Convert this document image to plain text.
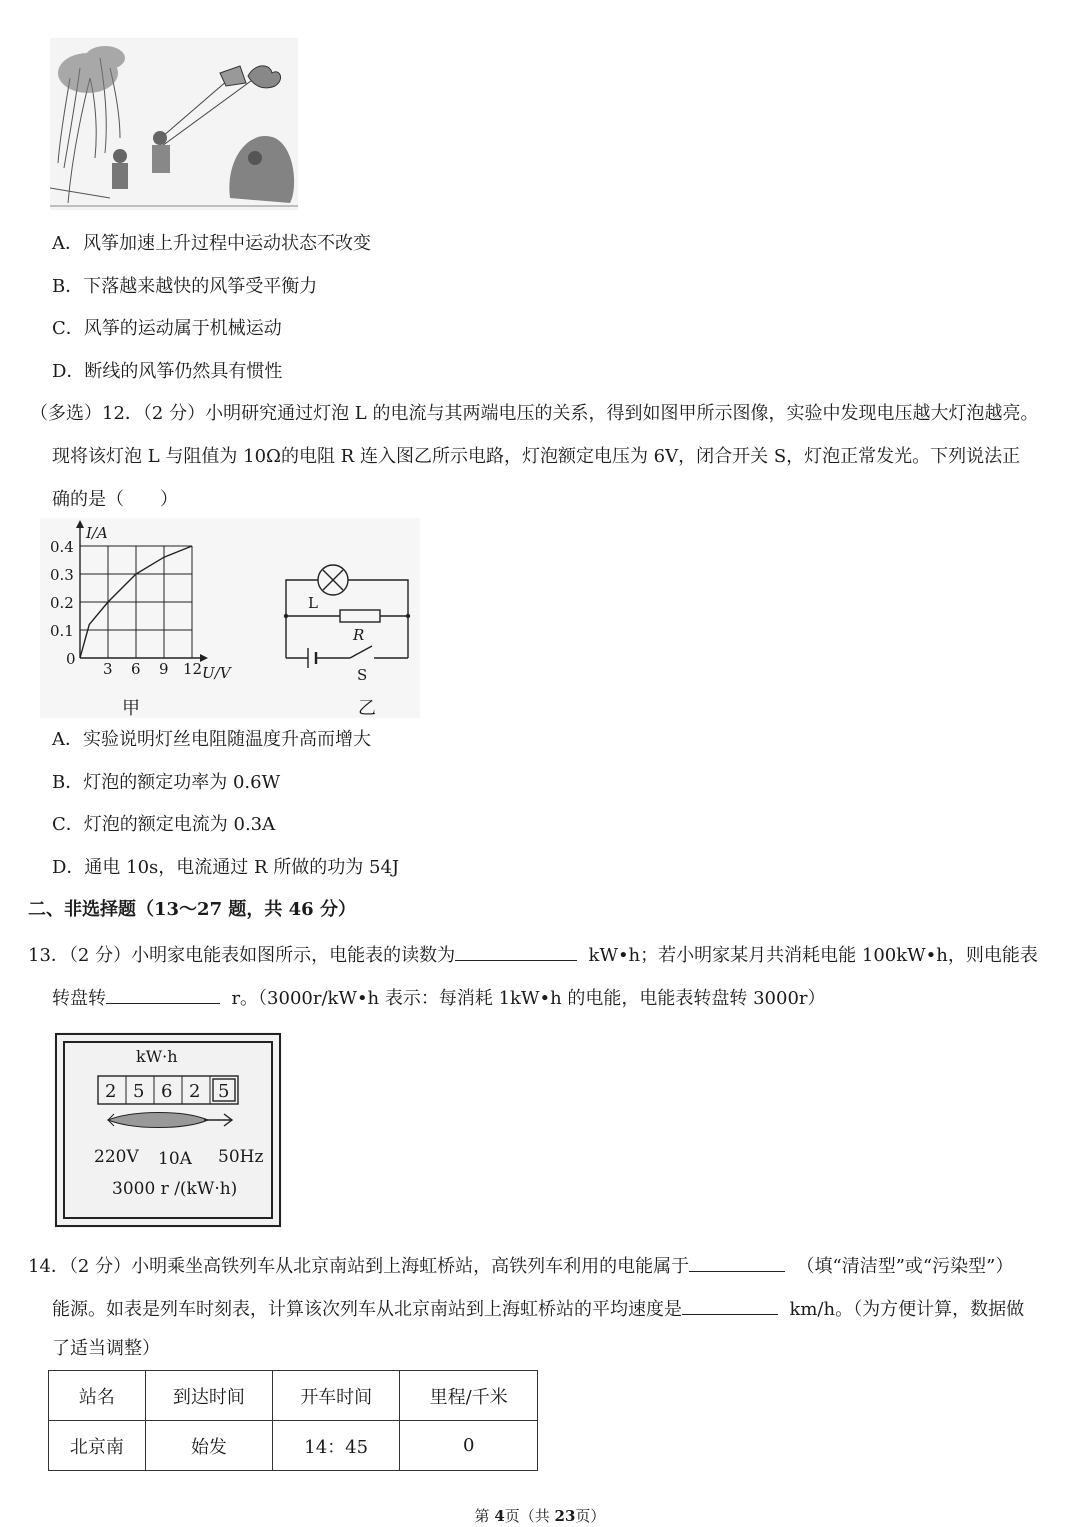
A．风筝加速上升过程中运动状态不改变
B．下落越来越快的风筝受平衡力
C．风筝的运动属于机械运动
D．断线的风筝仍然具有惯性
（多选）12．（2 分）小明研究通过灯泡 L 的电流与其两端电压的关系，得到如图甲所示图像，实验中发现电压越大灯泡越亮。
现将该灯泡 L 与阻值为 10Ω的电阻 R 连入图乙所示电路，灯泡额定电压为 6V，闭合开关 S，灯泡正常发光。下列说法正
确的是（　　）
0.4
0.3
0.2
0.1
0
3 6 9 12
I/A
U/V
甲
L
R
S
乙
A．实验说明灯丝电阻随温度升高而增大
B．灯泡的额定功率为 0.6W
C．灯泡的额定电流为 0.3A
D．通电 10s，电流通过 R 所做的功为 54J
二、非选择题（13～27 题，共 46 分）
13．（2 分）小明家电能表如图所示，电能表的读数为	kW•h；若小明家某月共消耗电能 100kW•h，则电能表
转盘转	r。（3000r/kW•h 表示：每消耗 1kW•h 的电能，电能表转盘转 3000r）
kW·h
2 5 6 2 5
220V 10A 50Hz
3000 r /(kW·h)
14．（2 分）小明乘坐高铁列车从北京南站到上海虹桥站，高铁列车利用的电能属于	（填“清洁型”或“污染型”）
能源。如表是列车时刻表，计算该次列车从北京南站到上海虹桥站的平均速度是	km/h。（为方便计算，数据做
了适当调整）
站名	到达时间	开车时间	里程/千米
北京南	始发	14：45	0
第 4页（共 23页）
